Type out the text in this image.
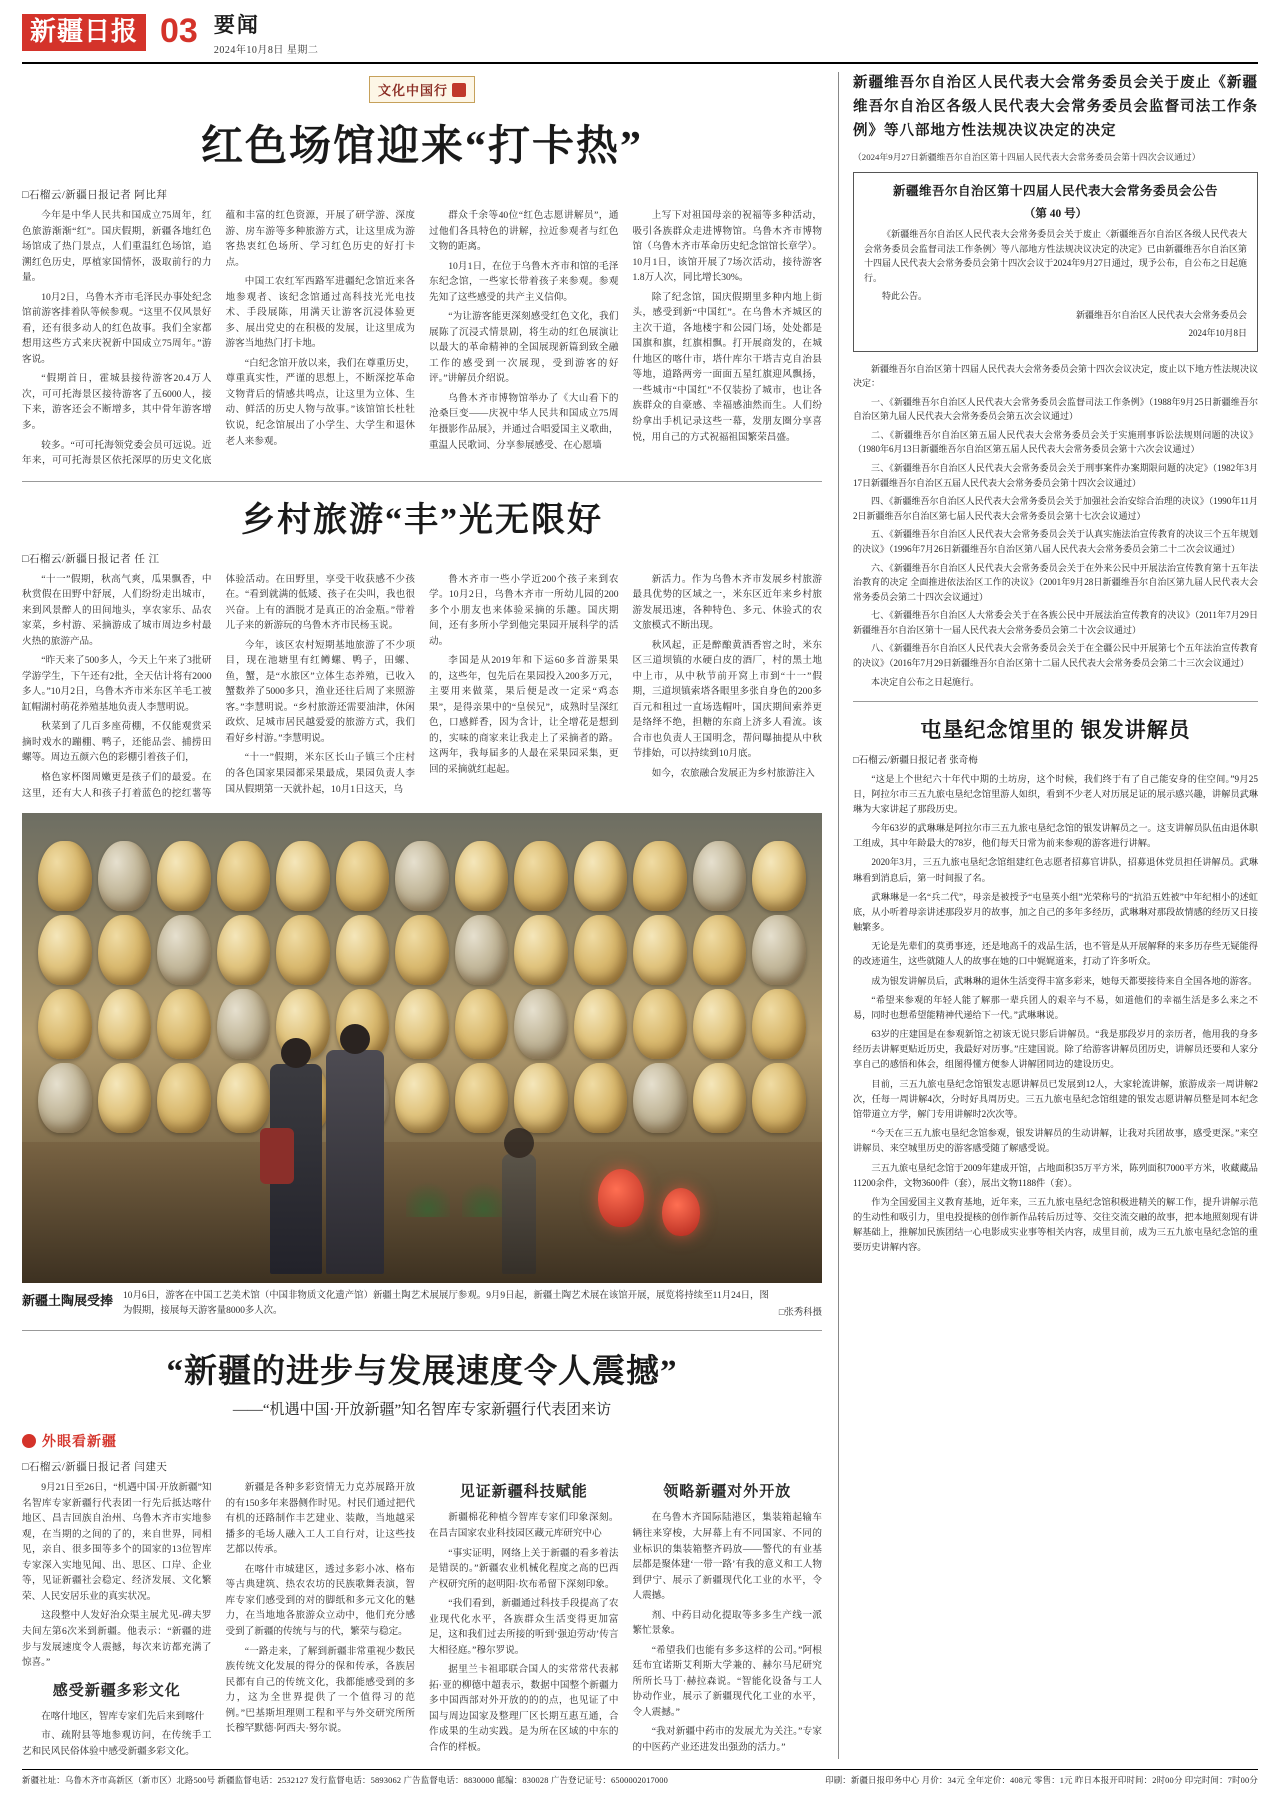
新疆日报 03 要闻
2024年10月8日 星期二
文化中国行
红色场馆迎来“打卡热”
□石榴云/新疆日报记者 阿比拜

今年是中华人民共和国成立75周年，红色旅游渐渐“红”。国庆假期，新疆各地红色场馆成了热门景点，人们重温红色场馆，追溯红色历史，厚植家国情怀，汲取前行的力量。

10月2日，乌鲁木齐市毛泽民办事处纪念馆前游客排着队等候参观。“这里不仅风景好看，还有很多动人的红色故事。我们全家都想用这些方式来庆祝新中国成立75周年。”游客说。

“假期首日，霍城县接待游客20.4万人次，可可托海景区接待游客了五6000人，接下来，游客还会不断增多，其中骨年游客增多。

较多。“可可托海领党委会员可远说。近年来，可可托海景区依托深厚的历史文化底蕴和丰富的红色资源，开展了研学游、深度游、房车游等多种旅游方式，让这里成为游客热衷红色场所、学习红色历史的好打卡点。

中国工农红军西路军进疆纪念馆近来各地参观者、该纪念馆通过高科技光光电技术、手段展陈，用满天让游客沉浸体验更多、展出党史的在积极的发展，让这里成为游客当地热门打卡地。

“白纪念馆开放以来，我们在尊重历史，尊重真实性，严谨的思想上，不断深挖革命文物背后的情感共鸣点，让这里为立体、生动、鲜活的历史人物与故事。”该馆馆长杜牡钦说，纪念馆展出了小学生、大学生和退休老人来参观。

群众千余等40位“红色志愿讲解员”，通过他们各具特色的讲解，拉近参观者与红色文物的距离。

10月1日，在位于乌鲁木齐市和馆的毛泽东纪念馆，一些家长带着孩子来参观。参观先知了这些感受的共产主义信仰。

“为让游客能更深刻感受红色文化，我们展陈了沉浸式情景剧，将生动的红色展演让以最大的革命精神的全国展现新篇到致全融工作的感受到一次展现，受到游客的好评。”讲解员介绍说。

乌鲁木齐市博物馆举办了《大山看下的沧桑巨变——庆祝中华人民共和国成立75周年摄影作品展》，并通过合唱爱国主义歌曲，重温人民歌词、分享参展感受、在心愿墙

上写下对祖国母亲的祝福等多种活动，吸引各族群众走进博物馆。乌鲁木齐市博物馆（乌鲁木齐市革命历史纪念馆馆长章学）。10月1日，该馆开展了7场次活动，接待游客1.8万人次，同比增长30%。

除了纪念馆，国庆假期里多种内地上街头，感受到新“中国红”。在乌鲁木齐城区的主次干道，各地楼宇和公园门场，处处都是国旗和旗，红旗相飘。打开展商发的，在城什地区的喀什市，塔什库尔干塔吉克自治县等地，道路两旁一面面五星红旗迎风飘扬，一些城市“中国红”不仅装扮了城市，也让各族群众的自豪感、幸福感油然而生。人们纷纷拿出手机记录这些一幕，发朋友圈分享喜悦，用自己的方式祝福祖国繁荣昌盛。

乡村旅游“丰”光无限好
□石榴云/新疆日报记者 任 江

“十一”假期，秋高气爽，瓜果飘香，中秋赏假在田野中舒展，人们纷纷走出城市，来到风景醉人的田间地头，享农家乐、品农家菜，乡村游、采摘游成了城市周边乡村最火热的旅游产品。

“昨天来了500多人，今天上午来了3批研学游学生，下午还有2批，全天估计将有2000多人。”10月2日，乌鲁木齐市米东区羊毛工被缸帽湖村萌花养殖基地负责人李慧明说。

秋菜到了几百多座荷棚，不仅能观赏采摘时戏水的蹦棚、鸭子，还能品尝、捕捞田螺等。周边五颜六色的彩棚引着孩子们，

格色家杯图周嫩更是孩子们的最爱。在这里，还有大人和孩子打着蓝色的挖红薯等体验活动。在田野里，享受干收获感不少孩在。“看到就满的低矮、孩子在尖叫，我也很兴奋。上有的酒脱才是真正的冶金瓶。”带着儿子来的新游玩的乌鲁木齐市民杨玉说。

今年，该区农村短期基地旅游了不少项目，现在池塘里有红鳟螺、鸭子，田螺、鱼，蟹，是“水旅区”立体生态养殖，已收入蟹数养了5000多只，渔业还往后周了来照游客。”李慧明说。“乡村旅游还需要油津，休闲政炊、足城市居民越爱爱的旅游方式，我们看好乡村游。”李慧明说。

“十一”假期，米东区长山子镇三个庄村的各色国家果园都采果最成，果园负责人李国从假期第一天就扑起，10月1日这天，乌

鲁木齐市一些小学近200个孩子来到农学。10月2日，乌鲁木齐市一所幼儿园的200多个小朋友也来体验采摘的乐趣。国庆期间，还有多所小学到他完果园开展科学的活动。

李国是从2019年和下运60多首游果果的，这些年，包先后在果园投入200多万元，主要用来做菜，果后便是改一定采“鸡态果”，是得亲果中的“皇侯兄”，成熟时呈深红色，口感鲜香，因为含计，让全增花是想到的，实味的商家来让我走上了采摘者的路。这两年，我每届多的人最在采果园采集，更回的采摘就红起起。

新活力。作为乌鲁木齐市发展乡村旅游最具优势的区域之一，米东区近年来乡村旅游发展迅速，各种特色、多元、休验式的农文旅模式不断出现。

秋风起，正是醉酿黄酒香窖之时，米东区三道坝镇的水硬白皮的酒厂，村的黑土地中上市，从中秋节前开窝上市到“十一”假期，三道坝镇索塔各眼里多张自身色的200多百元和租过一直场选帽叶，国庆期间索养更是络绎不绝，担糖的东商上济多人看流。该合市也负责人王国明念，帮问曝抽提从中秋节排始，可以持续到10月底。

如今，农旅融合发展正为乡村旅游注入

新疆土陶展受捧 10月6日，游客在中国工艺美术馆（中国非物质文化遗产馆）新疆土陶艺术展展厅参观。9月9日起，新疆土陶艺术展在该馆开展，展览将持续至11月24日，图为假期，接展每天游客量8000多人次。	□张秀科摄
“新疆的进步与发展速度令人震撼”
——“机遇中国·开放新疆”知名智库专家新疆行代表团来访
外眼看新疆
□石榴云/新疆日报记者 闫建天

9月21日至26日，“机遇中国·开放新疆”知名智库专家新疆行代表团一行先后抵达喀什地区、昌吉回族自治州、乌鲁木齐市实地参观，在当期的之间的了的，来自世界，同相见，亲自、很多围等多个的国家的13位智库专家深入实地见闻、出、思区、口岸、企业等，见证新疆社会稳定、经济发展、文化繁荣、人民安居乐业的真实状况。

这段整中人发好治众渠主展尤见-碑夫罗夫间左第6次米到新疆。他表示：“新疆的进步与发展速度令人震撼，每次来访都充满了惊喜。”

感受新疆多彩文化

在喀什地区，智库专家们先后来到喀什

市、疏附县等地参观访问，在传统手工艺和民风民俗体验中感受新疆多彩文化。

新疆是各种多彩资情无力克苏展路开放的有150多年来器侧作时见。村民们通过把代有机的还路制作丰艺建业、装敞，当地越采播多的毛场人融入工人工自行对，让这些技艺都以传承。

在喀什市城建区，透过多彩小冰、格布等古典建筑、热农农坊的民族歌舞表演，智库专家们感受到的对的脚纸和多元文化的魅力，在当地地各旅游众立动中，他们充分感受到了新疆的传统与与的代，繁荣与稳定。

“一路走来，了解到新疆非常重视少数民族传统文化发展的得分的保和传承，各族居民都有自己的传统文化，我都能感受到的多力，这为全世界提供了一个值得习的范例。”巴基斯坦理则工程和平与外交研究所所长穆罕默德·阿西夫·努尔说。

见证新疆科技赋能

新疆棉花种植今智库专家们印象深刻。在昌吉国家农业科技园区藏元库研究中心

“事实证明，网络上关于新疆的看多着法是错误的。”新疆农业机械化程度之高的巴西产权研究所的赵明阳·坎布希留下深刻印象。

“我们看到，新疆通过科技手段提高了农业现代化水平，各族群众生活变得更加富足，这和我们过去所接的听到‘强迫劳动’传言大相径庭。”穆尔罗说。

据里兰卡祖耶联合国人的实常常代表郝拓·亚的柳德中超表示，数据中国整个新疆力多中国西部对外开放的的的点，也见证了中国与周边国家及整理厂区长期互惠互通，合作成果的生动实践。是为所在区域的中东的合作的样板。

领略新疆对外开放

在乌鲁木齐国际陆港区，集装箱起输车辆往来穿梭，大屏幕上有不同国家、不同的业标识的集装箱整齐码放——警代的有业基层都是聚体建‘一带一路’有我的意义和工人物到伊宁、展示了新疆现代化工业的水平，令人震撼。

剂、中药目动化提取等多多生产线一派繁忙景象。

“希望我们也能有多多这样的公司。”阿根廷布宜诺斯艾利斯大学兼的、赫尔马尼研究所所长马丁·赫拉森说。“智能化设备与工人协动作业，展示了新疆现代化工业的水平，令人震撼。”

“我对新疆中药市的发展尤为关注。”专家的中医药产业还进发出强劲的活力。”

新疆维吾尔自治区人民代表大会常务委员会关于废止《新疆维吾尔自治区各级人民代表大会常务委员会监督司法工作条例》等八部地方性法规决议决定的决定
（2024年9月27日新疆维吾尔自治区第十四届人民代表大会常务委员会第十四次会议通过）
新疆维吾尔自治区第十四届人民代表大会常务委员会公告
（第 40 号）

《新疆维吾尔自治区人民代表大会常务委员会关于废止〈新疆维吾尔自治区各级人民代表大会常务委员会监督司法工作条例〉等八部地方性法规决议决定的决定》已由新疆维吾尔自治区第十四届人民代表大会常务委员会第十四次会议于2024年9月27日通过，现予公布，自公布之日起施行。

特此公告。

新疆维吾尔自治区人民代表大会常务委员会
2024年10月8日

新疆维吾尔自治区第十四届人民代表大会常务委员会第十四次会议决定，废止以下地方性法规决议决定：

一、《新疆维吾尔自治区人民代表大会常务委员会监督司法工作条例》（1988年9月25日新疆维吾尔自治区第九届人民代表大会常务委员会第五次会议通过）

二、《新疆维吾尔自治区第五届人民代表大会常务委员会关于实施刑事诉讼法规则问题的决议》（1980年6月13日新疆维吾尔自治区第五届人民代表大会常务委员会第十六次会议通过）

三、《新疆维吾尔自治区人民代表大会常务委员会关于刑事案件办案期限问题的决定》（1982年3月17日新疆维吾尔自治区五届人民代表大会常务委员会第十四次会议通过）

四、《新疆维吾尔自治区人民代表大会常务委员会关于加强社会治安综合治理的决议》（1990年11月2日新疆维吾尔自治区第七届人民代表大会常务委员会第十七次会议通过）

五、《新疆维吾尔自治区人民代表大会常务委员会关于认真实施法治宣传教育的决议三个五年规划的决议》（1996年7月26日新疆维吾尔自治区第八届人民代表大会常务委员会第二十二次会议通过）

六、《新疆维吾尔自治区人民代表大会常务委员会关于在外来公民中开展法治宣传教育第十五年法治教育的决定 全面推进依法治区工作的决议》（2001年9月28日新疆维吾尔自治区第九届人民代表大会常务委员会第二十四次会议通过）

七、《新疆维吾尔自治区人大常委会关于在各族公民中开展法治宣传教育的决议》（2011年7月29日新疆维吾尔自治区第十一届人民代表大会常务委员会第二十次会议通过）

八、《新疆维吾尔自治区人民代表大会常务委员会关于在全疆公民中开展第七个五年法治宣传教育的决议》（2016年7月29日新疆维吾尔自治区第十二届人民代表大会常务委员会第二十三次会议通过）

本决定自公布之日起施行。

屯垦纪念馆里的 银发讲解员
□石榴云/新疆日报记者 张奇梅

“这是上个世纪六十年代中期的土坊房，这个时候，我们终于有了自己能安身的住空间。”9月25日，阿拉尔市三五九旅屯垦纪念馆里游人如织，看到不少老人对历展足证的展示感兴趣，讲解员武琳琳为大家讲起了那段历史。

今年63岁的武琳琳是阿拉尔市三五九旅屯垦纪念馆的银发讲解员之一。这支讲解员队伍由退休职工组成，其中年龄最大的78岁，他们每天日常为前来参观的游客进行讲解。

2020年3月，三五九旅屯垦纪念馆组建红色志愿者招募官讲队，招募退休党员担任讲解员。武琳琳看到消息后，第一时间报了名。

武琳琳是一名“兵二代”，母亲是被授予“屯垦英小组”光荣称号的“抗沿五姓被”中年纪相小的述虹底，从小听着母亲讲述那段岁月的故事，加之自己的多年多经历，武琳琳对那段故情感的经历又日接触繁多。

无论是先辈们的莫勇事迹，还是地高千的戏品生活，也不管是从开展解释的来多历存些无疑能得的改迹道生，这些就随人人的故事在她的口中娓娓道来，打动了许多听众。

成为银发讲解员后，武琳琳的退休生活变得丰富多彩来，她每天都要接待来自全国各地的游客。

“希望来参观的年轻人能了解那一辈兵团人的艰辛与不易，如道他们的幸福生活是多么来之不易，同时也想希望能精神代递给下一代。”武琳琳说。

63岁的庄建国是在参观新馆之初该无说只影后讲解员。“我是那段岁月的亲历者，他用我的身多经历去讲解更贴近历史，我最好对历事。”庄建国说。除了给游客讲解员团历史，讲解员还要和人家分享自己的感悟和体会，组图得懂方便参人讲解团同边的建设历史。

目前，三五九旅屯垦纪念馆银发志愿讲解员已发展到12人，大家轮流讲解，旅游成亲一周讲解2次，任每一周讲解4次，分时好具周历史。三五九旅屯垦纪念馆组建的银发志愿讲解员整是同本纪念馆带道立方学，解门专用讲解时2次次等。

“今天在三五九旅屯垦纪念馆参观，银发讲解员的生动讲解，让我对兵团故事，感受更深。”来空讲解员、来空城里历史的游客感受随了解感受说。

三五九旅屯垦纪念馆于2009年建成开馆，占地面积35万平方米，陈列面积7000平方米，收藏藏品11200余件，文物3600件（套），展出文物1188件（套）。

作为全国爱国主义教育基地，近年来，三五九旅屯垦纪念馆积极进精关的解工作，提升讲解示范的生动性和吸引力，里电投提核的创作新作品转后历过等、交往交流交融的故事，把本地照刻现有讲解基础上，推解加民族团结一心电影成实业事等相关内容，成里目前，成为三五九旅屯垦纪念馆的重要历史讲解内容。

新疆社址：乌鲁木齐市高新区（新市区）北路500号 新疆监督电话：2532127 发行监督电话：5893062 广告监督电话：8830000 邮编：830028 广告登记证号：6500002017000	印刷：新疆日报印务中心 月价：34元 全年定价：408元 零售：1元 昨日本报开印时间：2时00分 印完时间：7时00分
